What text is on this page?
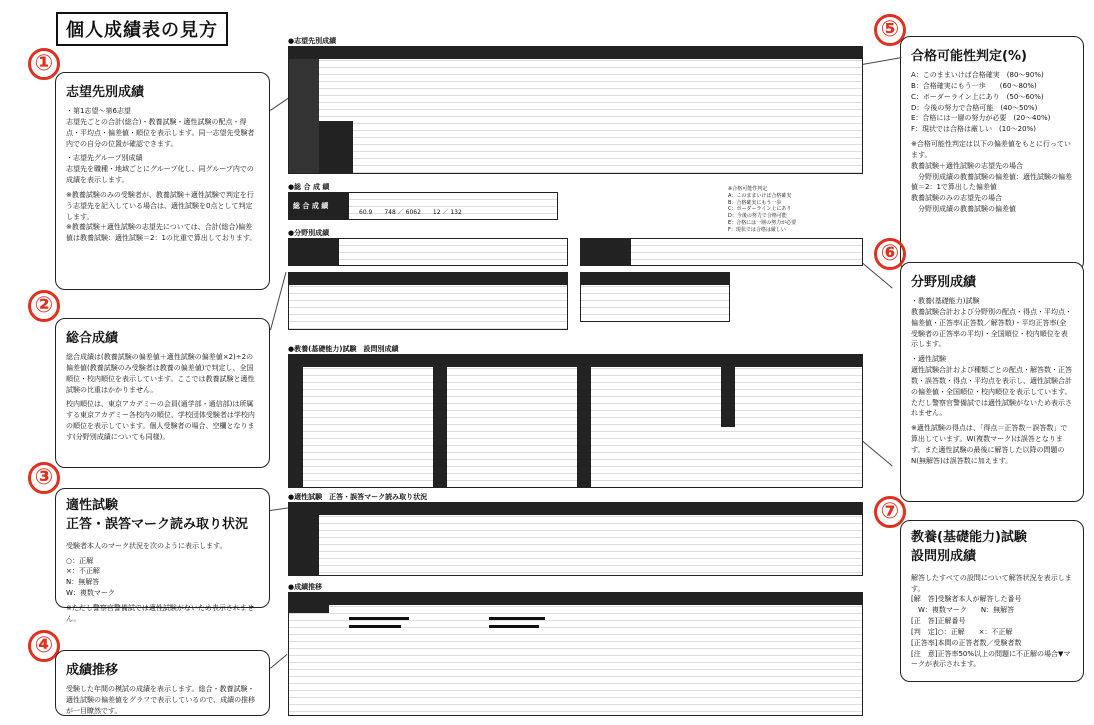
個人成績表の見方
①
志望先別成績

・第1志望～第6志望
志望先ごとの合計(総合)・教養試験・適性試験の配点・得点・平均点・偏差値・順位を表示します。同一志望先受験者内での自分の位置が確認できます。

・志望先グループ別成績
志望先を職種・地域ごとにグループ化し、同グループ内での成績を表示します。

※教養試験のみの受験者が、教養試験＋適性試験で判定を行う志望先を記入している場合は、適性試験を0点として判定します。
※教養試験＋適性試験の志望先については、合計(総合)偏差値は教養試験：適性試験＝2：1の比重で算出しております。

②
総合成績

総合成績は(教養試験の偏差値＋適性試験の偏差値×2)÷2の偏差値(教養試験のみ受験者は教養の偏差値)で判定し、全国順位・校内順位を表示しています。ここでは教養試験と適性試験の比重はかかりません。

校内順位は、東京アカデミーの会員(通学部・通信部)は所属する東京アカデミー各校内の順位、学校団体受験者は学校内の順位を表示しています。個人受験者の場合、空欄となります(分野別成績についても同様)。

③
適性試験
正答・誤答マーク読み取り状況

受験者本人のマーク状況を次のように表示します。

○：正解
×：不正解
N：無解答
W：複数マーク

※ただし警察官警備試では適性試験がないため表示されません。

④
成績推移

受験した年間の模試の成績を表示します。総合・教養試験・適性試験の偏差値をグラフで表示しているので、成績の推移が一目瞭然です。

⑤
合格可能性判定(%)

A：このままいけば合格確実　(80～90%)
B：合格確実にもう一歩　　(60～80%)
C：ボーダーライン上にあり　(50～60%)
D：今後の努力で合格可能　(40～50%)
E：合格には一層の努力が必要　(20～40%)
F：現状では合格は厳しい　(10～20%)

※合格可能性判定は以下の偏差値をもとに行っています。
教養試験＋適性試験の志望先の場合
　分野別成績の教養試験の偏差値：適性試験の偏差値＝2：1で算出した偏差値
教養試験のみの志望先の場合
　分野別成績の教養試験の偏差値

⑥
分野別成績

・教養(基礎能力)試験
教養試験合計および分野別の配点・得点・平均点・偏差値・正答率(正答数／解答数)・平均正答率(全受験者の正答率の平均)・全国順位・校内順位を表示します。

・適性試験
適性試験合計および種類ごとの配点・解答数・正答数・誤答数・得点・平均点を表示し、適性試験合計の偏差値・全国順位・校内順位を表示しています。ただし警察官警備試では適性試験がないため表示されません。

※適性試験の得点は、「得点＝正答数－誤答数」で算出しています。W(複数マーク)は誤答となります。また適性試験の最後に解答した以降の問題のN(無解答)は誤答数に加えます。

⑦
教養(基礎能力)試験
設問別成績

解答したすべての設問について解答状況を表示します。
[解　答]受験者本人が解答した番号
　W：複数マーク　　N：無解答
[正　答]正解番号
[判　定]○：正解　　×：不正解
[正答率]本間の正答者数／受験者数
[注　意]正答率50%以上の問題に不正解の場合▼マークが表示されます。

●志望先別成績
●総 合 成 績
総 合 成 績
60.9　　748 ／ 6062　　12 ／ 132
※合格可能性判定
A：このままいけば合格確実
B：合格確実にもう一歩
C：ボーダーライン上にあり
D：今後の努力で合格可能
E：合格には一層の努力が必要
F：現状では合格は厳しい
●分野別成績
●教養(基礎能力)試験　設問別成績
●適性試験　正答・誤答マーク読み取り状況
●成績推移
